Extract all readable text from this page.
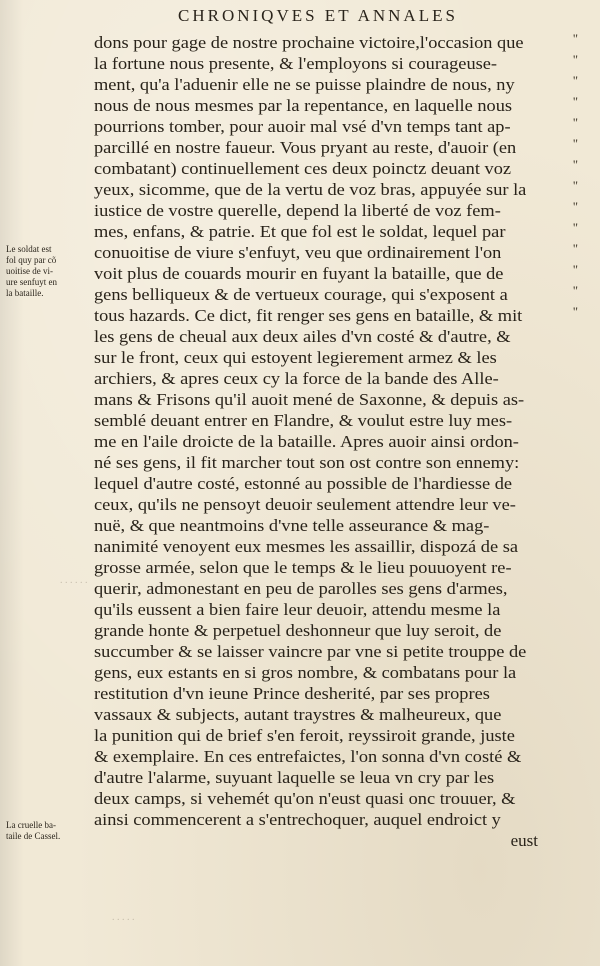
CHRONIQVES ET ANNALES
Le soldat est
fol quy par cõ
uoitise de vi-
ure senfuyt en
la bataille.
La cruelle ba-
taile de Cassel.
. . . . . .
. . . . .
dons pour gage de nostre prochaine victoire,l'occasion que	"
la fortune nous presente, & l'employons si courageuse-	"
ment, qu'a l'aduenir elle ne se puisse plaindre de nous, ny	"
nous de nous mesmes par la repentance, en laquelle nous	"
pourrions tomber, pour auoir mal vsé d'vn temps tant ap-	"
parcillé en nostre faueur. Vous pryant au reste, d'auoir (en	"
combatant) continuellement ces deux poinctz deuant voz	"
yeux, sicomme, que de la vertu de voz bras, appuyée sur la	"
iustice de vostre querelle, depend la liberté de voz fem-	"
mes, enfans, & patrie. Et que fol est le soldat, lequel par	"
conuoitise de viure s'enfuyt, veu que ordinairement l'on	"
voit plus de couards mourir en fuyant la bataille, que de	"
gens belliqueux & de vertueux courage, qui s'exposent a	"
tous hazards. Ce dict, fit renger ses gens en bataille, & mit	"
les gens de cheual aux deux ailes d'vn costé & d'autre, &
sur le front, ceux qui estoyent legierement armez & les
archiers, & apres ceux cy la force de la bande des Alle-
mans & Frisons qu'il auoit mené de Saxonne, & depuis as-
semblé deuant entrer en Flandre, & voulut estre luy mes-
me en l'aile droicte de la bataille. Apres auoir ainsi ordon-
né ses gens, il fit marcher tout son ost contre son ennemy:
lequel d'autre costé, estonné au possible de l'hardiesse de
ceux, qu'ils ne pensoyt deuoir seulement attendre leur ve-
nuë, & que neantmoins d'vne telle asseurance & mag-
nanimité venoyent eux mesmes les assaillir, dispozá de sa
grosse armée, selon que le temps & le lieu pouuoyent re-
querir, admonestant en peu de parolles ses gens d'armes,
qu'ils eussent a bien faire leur deuoir, attendu mesme la
grande honte & perpetuel deshonneur que luy seroit, de
succumber & se laisser vaincre par vne si petite trouppe de
gens, eux estants en si gros nombre, & combatans pour la
restitution d'vn ieune Prince desherité, par ses propres
vassaux & subjects, autant traystres & malheureux, que
la punition qui de brief s'en feroit, reyssiroit grande, juste
& exemplaire. En ces entrefaictes, l'on sonna d'vn costé &
d'autre l'alarme, suyuant laquelle se leua vn cry par les
deux camps, si vehemét qu'on n'eust quasi onc trouuer, &
ainsi commencerent a s'entrechoquer, auquel endroict y
eust
